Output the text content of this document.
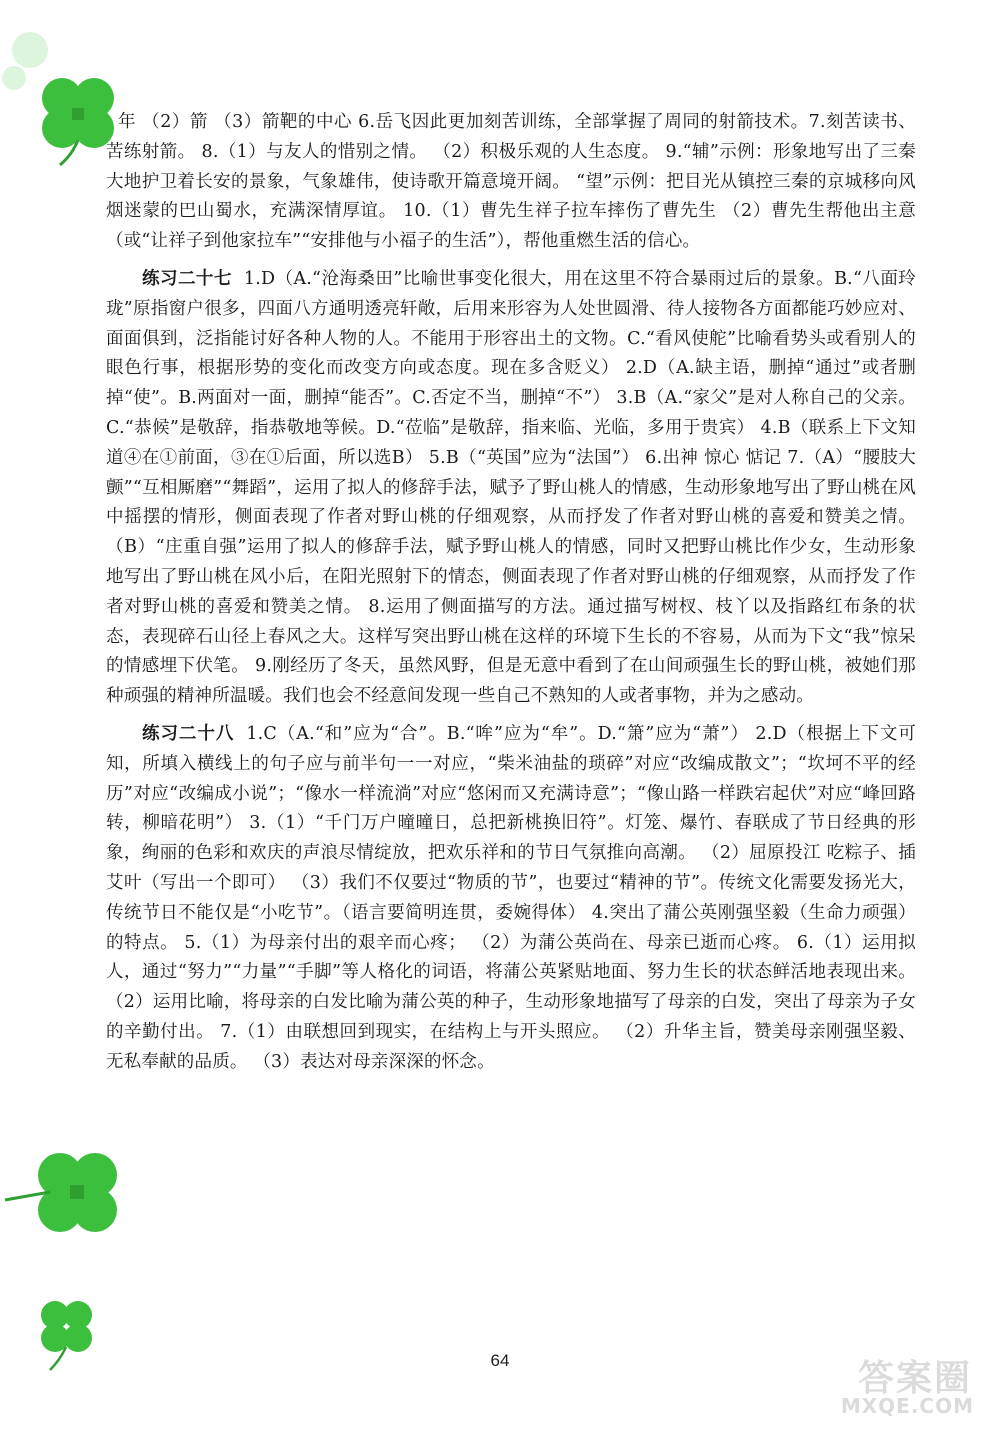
年 （2）箭 （3）箭靶的中心 6.岳飞因此更加刻苦训练，全部掌握了周同的射箭技术。7.刻苦读书、苦练射箭。 8.（1）与友人的惜别之情。 （2）积极乐观的人生态度。 9.“辅”示例：形象地写出了三秦大地护卫着长安的景象，气象雄伟，使诗歌开篇意境开阔。 “望”示例：把目光从镇控三秦的京城移向风烟迷蒙的巴山蜀水，充满深情厚谊。 10.（1）曹先生祥子拉车摔伤了曹先生 （2）曹先生帮他出主意（或“让祥子到他家拉车”“安排他与小福子的生活”），帮他重燃生活的信心。

练习二十七 1.D（A.“沧海桑田”比喻世事变化很大，用在这里不符合暴雨过后的景象。B.“八面玲珑”原指窗户很多，四面八方通明透亮轩敞，后用来形容为人处世圆滑、待人接物各方面都能巧妙应对、面面俱到，泛指能讨好各种人物的人。不能用于形容出土的文物。C.“看风使舵”比喻看势头或看别人的眼色行事，根据形势的变化而改变方向或态度。现在多含贬义） 2.D（A.缺主语，删掉“通过”或者删掉“使”。B.两面对一面，删掉“能否”。C.否定不当，删掉“不”） 3.B（A.“家父”是对人称自己的父亲。C.“恭候”是敬辞，指恭敬地等候。D.“莅临”是敬辞，指来临、光临，多用于贵宾） 4.B（联系上下文知道④在①前面，③在①后面，所以选B） 5.B（“英国”应为“法国”） 6.出神 惊心 惦记 7.（A）“腰肢大颤”“互相厮磨”“舞蹈”，运用了拟人的修辞手法，赋予了野山桃人的情感，生动形象地写出了野山桃在风中摇摆的情形，侧面表现了作者对野山桃的仔细观察，从而抒发了作者对野山桃的喜爱和赞美之情。（B）“庄重自强”运用了拟人的修辞手法，赋予野山桃人的情感，同时又把野山桃比作少女，生动形象地写出了野山桃在风小后，在阳光照射下的情态，侧面表现了作者对野山桃的仔细观察，从而抒发了作者对野山桃的喜爱和赞美之情。 8.运用了侧面描写的方法。通过描写树杈、枝丫以及指路红布条的状态，表现碎石山径上春风之大。这样写突出野山桃在这样的环境下生长的不容易，从而为下文“我”惊呆的情感埋下伏笔。 9.刚经历了冬天，虽然风野，但是无意中看到了在山间顽强生长的野山桃，被她们那种顽强的精神所温暖。我们也会不经意间发现一些自己不熟知的人或者事物，并为之感动。

练习二十八 1.C（A.“和”应为“合”。B.“哞”应为“牟”。D.“箫”应为“萧”） 2.D（根据上下文可知，所填入横线上的句子应与前半句一一对应，“柴米油盐的琐碎”对应“改编成散文”；“坎坷不平的经历”对应“改编成小说”；“像水一样流淌”对应“悠闲而又充满诗意”；“像山路一样跌宕起伏”对应“峰回路转，柳暗花明”） 3.（1）“千门万户曈曈日，总把新桃换旧符”。灯笼、爆竹、春联成了节日经典的形象，绚丽的色彩和欢庆的声浪尽情绽放，把欢乐祥和的节日气氛推向高潮。 （2）屈原投江 吃粽子、插艾叶（写出一个即可） （3）我们不仅要过“物质的节”，也要过“精神的节”。传统文化需要发扬光大，传统节日不能仅是“小吃节”。（语言要简明连贯，委婉得体） 4.突出了蒲公英刚强坚毅（生命力顽强）的特点。 5.（1）为母亲付出的艰辛而心疼； （2）为蒲公英尚在、母亲已逝而心疼。 6.（1）运用拟人，通过“努力”“力量”“手脚”等人格化的词语，将蒲公英紧贴地面、努力生长的状态鲜活地表现出来。 （2）运用比喻，将母亲的白发比喻为蒲公英的种子，生动形象地描写了母亲的白发，突出了母亲为子女的辛勤付出。 7.（1）由联想回到现实，在结构上与开头照应。 （2）升华主旨，赞美母亲刚强坚毅、无私奉献的品质。 （3）表达对母亲深深的怀念。

64	答案圈
MXQE.COM
